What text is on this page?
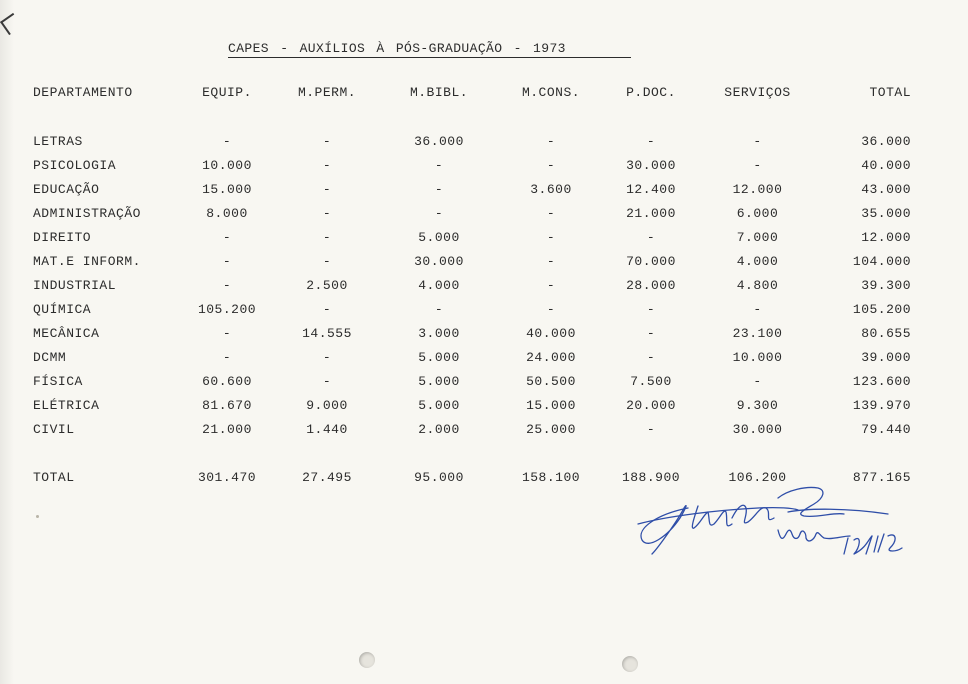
CAPES - AUXÍLIOS À PÓS-GRADUAÇÃO - 1973
DEPARTAMENTO	EQUIP.	M.PERM.	M.BIBL.	M.CONS.	P.DOC.	SERVIÇOS	TOTAL

LETRAS	-	-	36.000	-	-	-	36.000
PSICOLOGIA	10.000	-	-	-	30.000	-	40.000
EDUCAÇÃO	15.000	-	-	3.600	12.400	12.000	43.000
ADMINISTRAÇÃO	8.000	-	-	-	21.000	6.000	35.000
DIREITO	-	-	5.000	-	-	7.000	12.000
MAT.E INFORM.	-	-	30.000	-	70.000	4.000	104.000
INDUSTRIAL	-	2.500	4.000	-	28.000	4.800	39.300
QUÍMICA	105.200	-	-	-	-	-	105.200
MECÂNICA	-	14.555	3.000	40.000	-	23.100	80.655
DCMM	-	-	5.000	24.000	-	10.000	39.000
FÍSICA	60.600	-	5.000	50.500	7.500	-	123.600
ELÉTRICA	81.670	9.000	5.000	15.000	20.000	9.300	139.970
CIVIL	21.000	1.440	2.000	25.000	-	30.000	79.440

TOTAL	301.470	27.495	95.000	158.100	188.900	106.200	877.165
